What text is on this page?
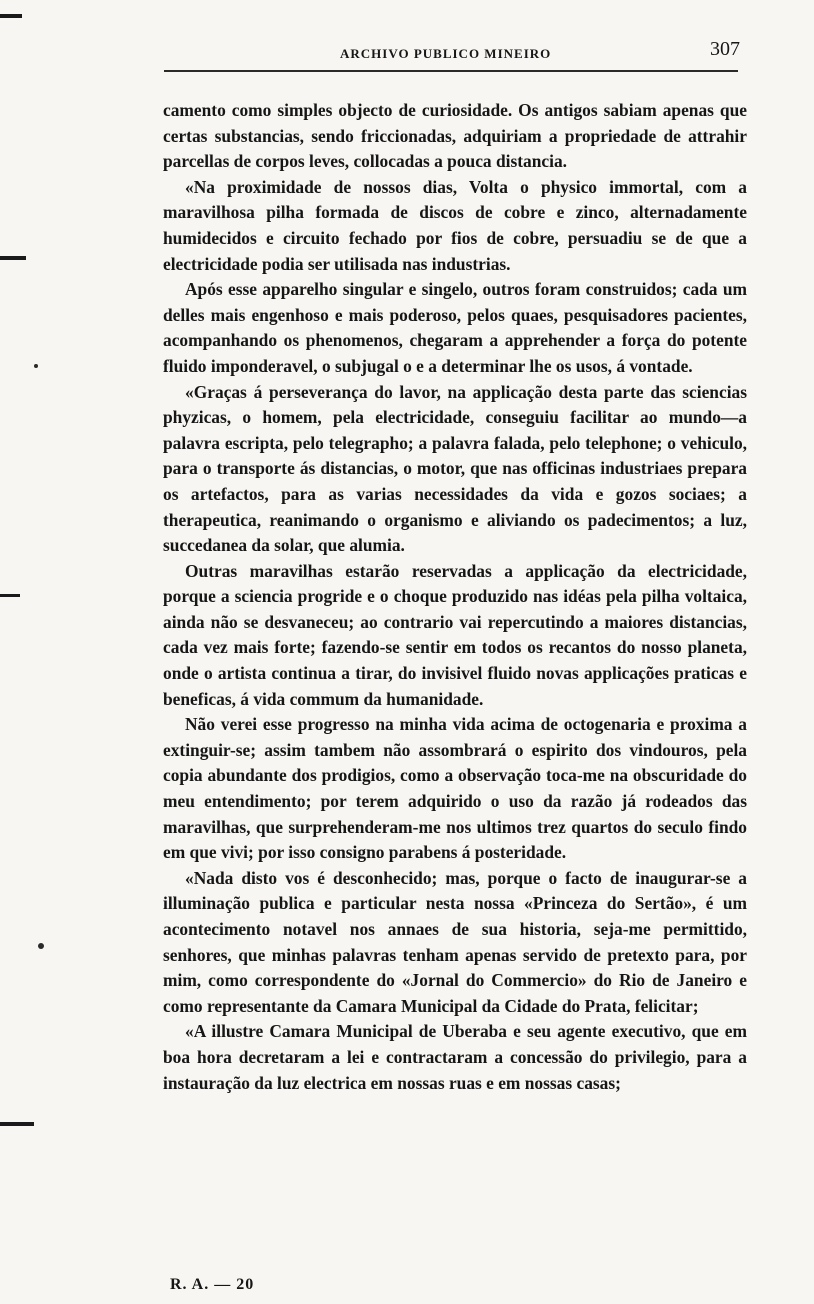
ARCHIVO PUBLICO MINEIRO	307

camento como simples objecto de curiosidade. Os antigos sabiam apenas que certas substancias, sendo friccionadas, adquiriam a propriedade de attrahir parcellas de corpos leves, collocadas a pouca distancia.

«Na proximidade de nossos dias, Volta o physico immortal, com a maravilhosa pilha formada de discos de cobre e zinco, alternadamente humidecidos e circuito fechado por fios de cobre, persuadiu se de que a electricidade podia ser utilisada nas industrias.

Após esse apparelho singular e singelo, outros foram construidos; cada um delles mais engenhoso e mais poderoso, pelos quaes, pesquisadores pacientes, acompanhando os phenomenos, chegaram a apprehender a força do potente fluido imponderavel, o subjugal o e a determinar lhe os usos, á vontade.

«Graças á perseverança do lavor, na applicação desta parte das sciencias phyzicas, o homem, pela electricidade, conseguiu facilitar ao mundo—a palavra escripta, pelo telegrapho; a palavra falada, pelo telephone; o vehiculo, para o transporte ás distancias, o motor, que nas officinas industriaes prepara os artefactos, para as varias necessidades da vida e gozos sociaes; a therapeutica, reanimando o organismo e aliviando os padecimentos; a luz, succedanea da solar, que alumia.

Outras maravilhas estarão reservadas a applicação da electricidade, porque a sciencia progride e o choque produzido nas idéas pela pilha voltaica, ainda não se desvaneceu; ao contrario vai repercutindo a maiores distancias, cada vez mais forte; fazendo-se sentir em todos os recantos do nosso planeta, onde o artista continua a tirar, do invisivel fluido novas applicações praticas e beneficas, á vida commum da humanidade.

Não verei esse progresso na minha vida acima de octogenaria e proxima a extinguir-se; assim tambem não assombrará o espirito dos vindouros, pela copia abundante dos prodigios, como a observação toca-me na obscuridade do meu entendimento; por terem adquirido o uso da razão já rodeados das maravilhas, que surprehenderam-me nos ultimos trez quartos do seculo findo em que vivi; por isso consigno parabens á posteridade.

«Nada disto vos é desconhecido; mas, porque o facto de inaugurar-se a illuminação publica e particular nesta nossa «Princeza do Sertão», é um acontecimento notavel nos annaes de sua historia, seja-me permittido, senhores, que minhas palavras tenham apenas servido de pretexto para, por mim, como correspondente do «Jornal do Commercio» do Rio de Janeiro e como representante da Camara Municipal da Cidade do Prata, felicitar;

«A illustre Camara Municipal de Uberaba e seu agente executivo, que em boa hora decretaram a lei e contractaram a concessão do privilegio, para a instauração da luz electrica em nossas ruas e em nossas casas;

R. A. — 20
